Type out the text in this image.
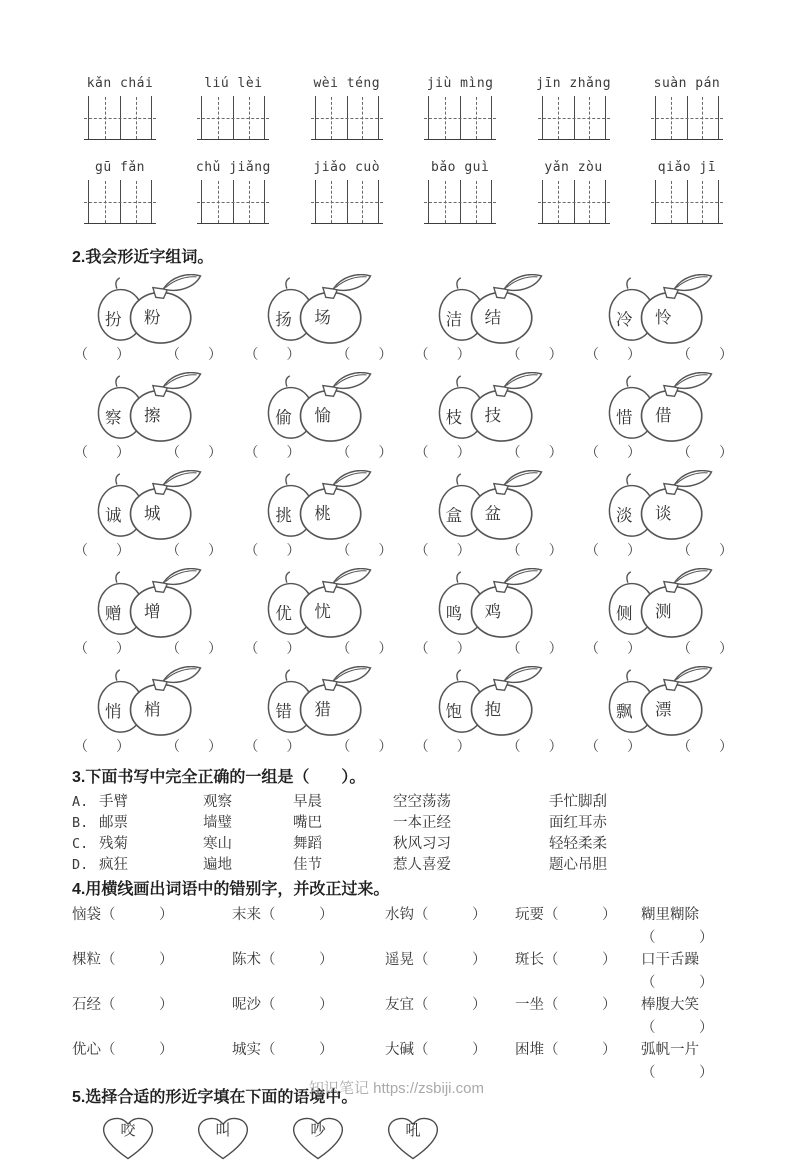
kǎn chái	liú lèi	wèi téng	jiù mìng	jīn zhǎng	suàn pán
gū fǎn	chǔ jiǎng	jiǎo cuò	bǎo guì	yǎn zòu	qiǎo jī
2.我会形近字组词。
扮 粉
（　　）	（　　）
扬 场
（　　）	（　　）
洁 结
（　　）	（　　）
冷 怜
（　　）	（　　）
察 擦
（　　）	（　　）
偷 愉
（　　）	（　　）
枝 技
（　　）	（　　）
惜 借
（　　）	（　　）
诚 城
（　　）	（　　）
挑 桃
（　　）	（　　）
盒 盆
（　　）	（　　）
淡 谈
（　　）	（　　）
赠 增
（　　）	（　　）
优 忧
（　　）	（　　）
鸣 鸡
（　　）	（　　）
侧 测
（　　）	（　　）
悄 梢
（　　）	（　　）
错 猎
（　　）	（　　）
饱 抱
（　　）	（　　）
飘 漂
（　　）	（　　）
3.下面书写中完全正确的一组是（　　）。
A. 手臂	观察	早晨	空空荡荡	手忙脚刮
B. 邮票	墙璧	嘴巴	一本正经	面红耳赤
C. 残菊	寒山	舞蹈	秋风习习	轻轻柔柔
D. 疯狂	遍地	佳节	惹人喜爱	题心吊胆
4.用横线画出词语中的错别字，并改正过来。
恼袋（　　　）	末来（　　　）	水钩（　　　）	玩要（　　　）	糊里糊除（　　　）
棵粒（　　　）	陈术（　　　）	遥晃（　　　）	斑长（　　　）	口干舌躁（　　　）
石经（　　　）	呢沙（　　　）	友宜（　　　）	一坐（　　　）	棒腹大笑（　　　）
优心（　　　）	城实（　　　）	大碱（　　　）	困堆（　　　）	弧帆一片（　　　）
5.选择合适的形近字填在下面的语境中。
咬	叫	吵	吼
知识笔记 https://zsbiji.com
